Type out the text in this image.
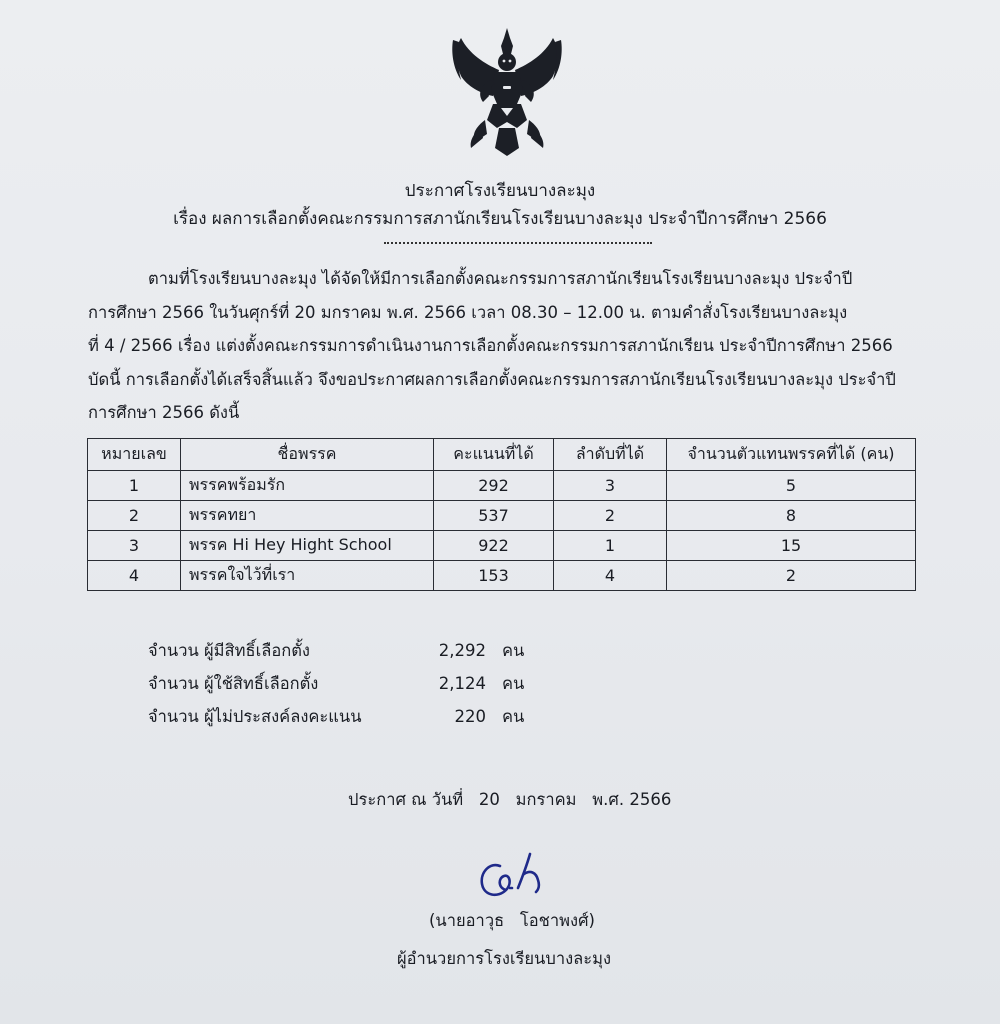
ประกาศโรงเรียนบางละมุง
เรื่อง ผลการเลือกตั้งคณะกรรมการสภานักเรียนโรงเรียนบางละมุง ประจำปีการศึกษา 2566
ตามที่โรงเรียนบางละมุง ได้จัดให้มีการเลือกตั้งคณะกรรมการสภานักเรียนโรงเรียนบางละมุง ประจำปี
การศึกษา 2566 ในวันศุกร์ที่ 20 มกราคม พ.ศ. 2566 เวลา 08.30 – 12.00 น. ตามคำสั่งโรงเรียนบางละมุง
ที่ 4 / 2566 เรื่อง แต่งตั้งคณะกรรมการดำเนินงานการเลือกตั้งคณะกรรมการสภานักเรียน ประจำปีการศึกษา 2566
บัดนี้ การเลือกตั้งได้เสร็จสิ้นแล้ว จึงขอประกาศผลการเลือกตั้งคณะกรรมการสภานักเรียนโรงเรียนบางละมุง ประจำปี
การศึกษา 2566 ดังนี้
หมายเลข	ชื่อพรรค	คะแนนที่ได้	ลำดับที่ได้	จำนวนตัวแทนพรรคที่ได้ (คน)
1	พรรคพร้อมรัก	292	3	5
2	พรรคทยา	537	2	8
3	พรรค Hi Hey Hight School	922	1	15
4	พรรคใจไว้ที่เรา	153	4	2
จำนวน ผู้มีสิทธิ์เลือกตั้ง	2,292 คน
จำนวน ผู้ใช้สิทธิ์เลือกตั้ง	2,124 คน
จำนวน ผู้ไม่ประสงค์ลงคะแนน	220 คน
ประกาศ ณ วันที่   20   มกราคม   พ.ศ. 2566
(นายอาวุธ   โอชาพงศ์)
ผู้อำนวยการโรงเรียนบางละมุง
